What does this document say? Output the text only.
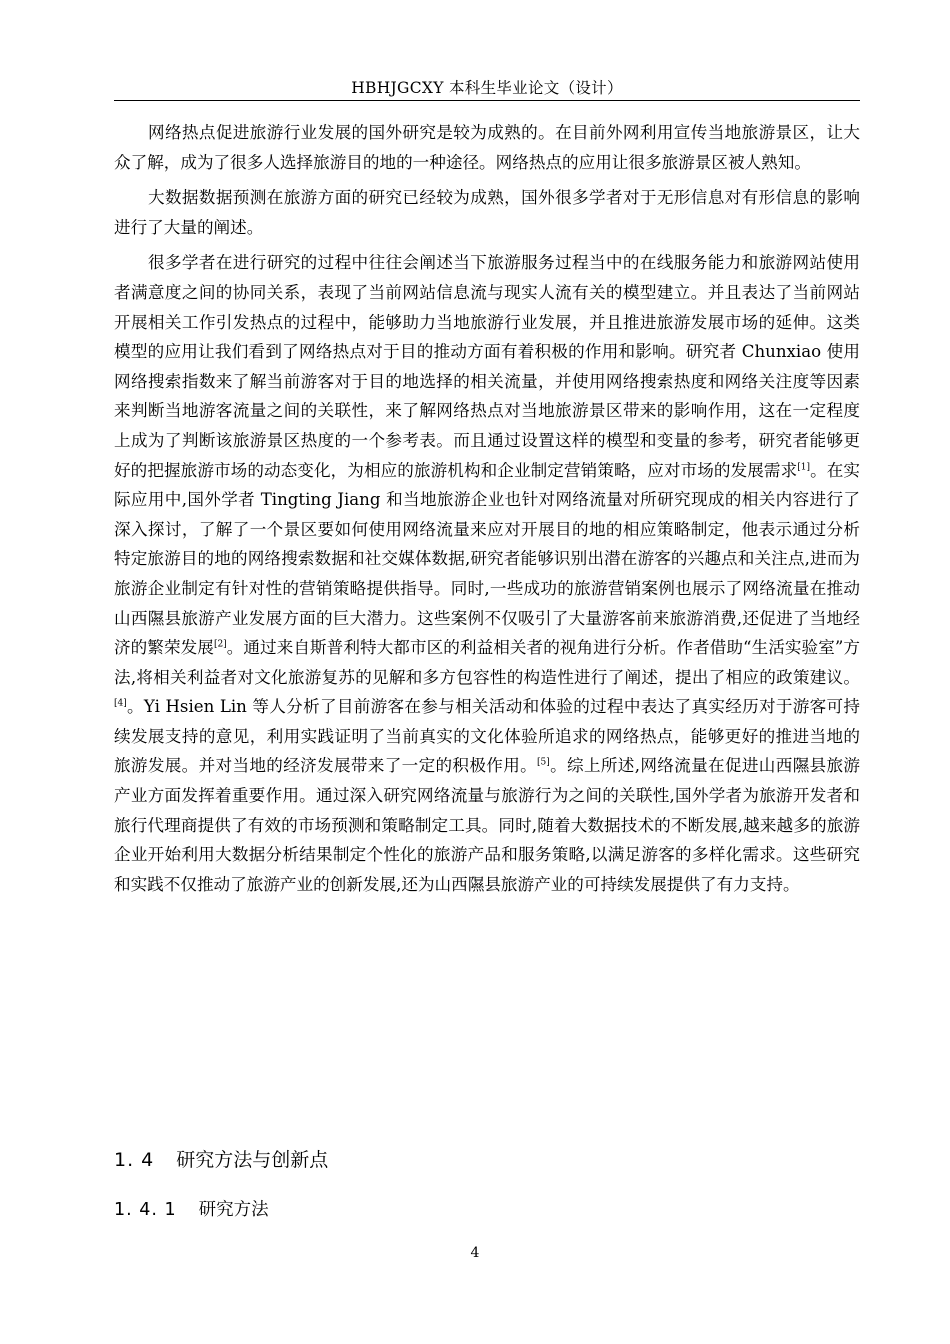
HBHJGCXY 本科生毕业论文（设计）

网络热点促进旅游行业发展的国外研究是较为成熟的。在目前外网利用宣传当地旅游景区，让大众了解，成为了很多人选择旅游目的地的一种途径。网络热点的应用让很多旅游景区被人熟知。

大数据数据预测在旅游方面的研究已经较为成熟，国外很多学者对于无形信息对有形信息的影响进行了大量的阐述。

很多学者在进行研究的过程中往往会阐述当下旅游服务过程当中的在线服务能力和旅游网站使用者满意度之间的协同关系，表现了当前网站信息流与现实人流有关的模型建立。并且表达了当前网站开展相关工作引发热点的过程中，能够助力当地旅游行业发展，并且推进旅游发展市场的延伸。这类模型的应用让我们看到了网络热点对于目的推动方面有着积极的作用和影响。研究者 Chunxiao 使用网络搜索指数来了解当前游客对于目的地选择的相关流量，并使用网络搜索热度和网络关注度等因素来判断当地游客流量之间的关联性，来了解网络热点对当地旅游景区带来的影响作用，这在一定程度上成为了判断该旅游景区热度的一个参考表。而且通过设置这样的模型和变量的参考，研究者能够更好的把握旅游市场的动态变化，为相应的旅游机构和企业制定营销策略，应对市场的发展需求[1]。在实际应用中,国外学者 Tingting Jiang 和当地旅游企业也针对网络流量对所研究现成的相关内容进行了深入探讨，了解了一个景区要如何使用网络流量来应对开展目的地的相应策略制定，他表示通过分析特定旅游目的地的网络搜索数据和社交媒体数据,研究者能够识别出潜在游客的兴趣点和关注点,进而为旅游企业制定有针对性的营销策略提供指导。同时,一些成功的旅游营销案例也展示了网络流量在推动山西隰县旅游产业发展方面的巨大潜力。这些案例不仅吸引了大量游客前来旅游消费,还促进了当地经济的繁荣发展[2]。通过来自斯普利特大都市区的利益相关者的视角进行分析。作者借助“生活实验室”方法,将相关利益者对文化旅游复苏的见解和多方包容性的构造性进行了阐述，提出了相应的政策建议。[4]。Yi Hsien Lin 等人分析了目前游客在参与相关活动和体验的过程中表达了真实经历对于游客可持续发展支持的意见，利用实践证明了当前真实的文化体验所追求的网络热点，能够更好的推进当地的旅游发展。并对当地的经济发展带来了一定的积极作用。[5]。综上所述,网络流量在促进山西隰县旅游产业方面发挥着重要作用。通过深入研究网络流量与旅游行为之间的关联性,国外学者为旅游开发者和旅行代理商提供了有效的市场预测和策略制定工具。同时,随着大数据技术的不断发展,越来越多的旅游企业开始利用大数据分析结果制定个性化的旅游产品和服务策略,以满足游客的多样化需求。这些研究和实践不仅推动了旅游产业的创新发展,还为山西隰县旅游产业的可持续发展提供了有力支持。

1. 4 研究方法与创新点
1. 4. 1 研究方法
4
